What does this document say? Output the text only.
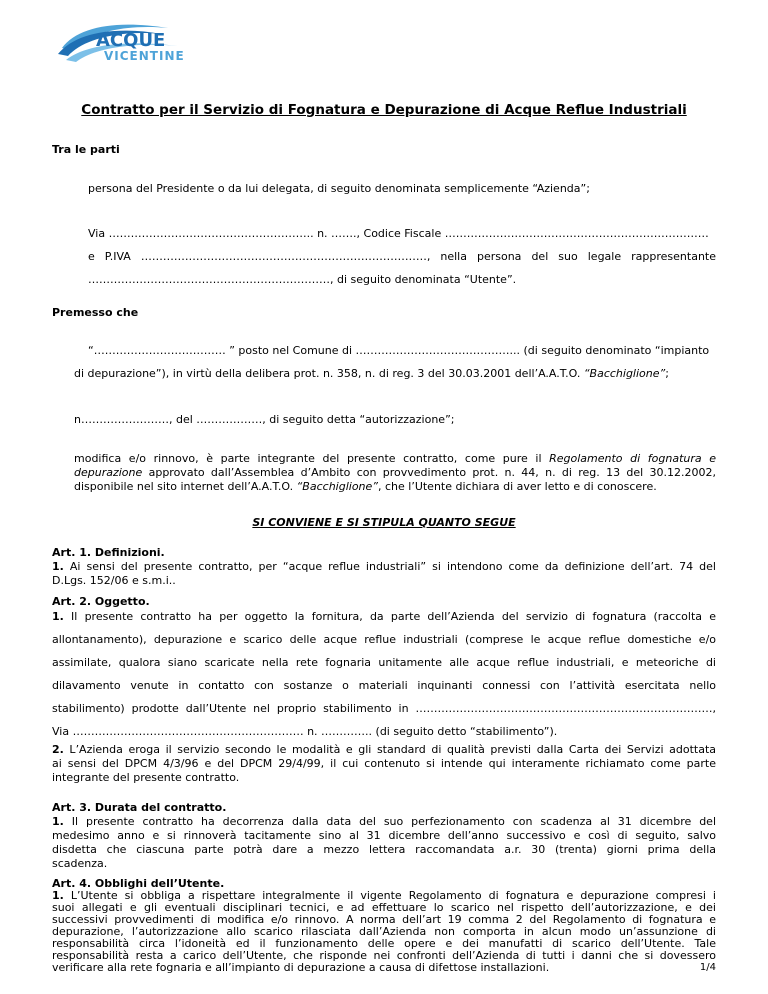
ACQUE
VICENTINE
Contratto per il Servizio di Fognatura e Depurazione di Acque Reflue Industriali
Tra le parti
persona del Presidente o da lui delegata, di seguito denominata semplicemente “Azienda”;
Via ……………………………………………….. n. ……., Codice Fiscale ………………………………………………………………
e P.IVA ……………………………………………………………………, nella persona del suo legale rappresentante
…………………………………………………………, di seguito denominata “Utente”.
Premesso che
“……………………………… ” posto nel Comune di ……………………………………... (di seguito denominato “impianto
di depurazione”), in virtù della delibera prot. n. 358, n. di reg. 3 del 30.03.2001 dell’A.A.T.O. “Bacchiglione”;
n……………………, del ………………, di seguito detta “autorizzazione”;
modifica e/o rinnovo, è parte integrante del presente contratto, come pure il Regolamento di fognatura e
depurazione approvato dall’Assemblea d’Ambito con provvedimento prot. n. 44, n. di reg. 13 del 30.12.2002,
disponibile nel sito internet dell’A.A.T.O. “Bacchiglione”, che l’Utente dichiara di aver letto e di conoscere.
SI CONVIENE E SI STIPULA QUANTO SEGUE
Art. 1. Definizioni.
1. Ai sensi del presente contratto, per “acque reflue industriali” si intendono come da definizione dell’art. 74 del
D.Lgs. 152/06 e s.m.i..
Art. 2. Oggetto.
1. Il presente contratto ha per oggetto la fornitura, da parte dell’Azienda del servizio di fognatura (raccolta e
allontanamento), depurazione e scarico delle acque reflue industriali (comprese le acque reflue domestiche e/o
assimilate, qualora siano scaricate nella rete fognaria unitamente alle acque reflue industriali, e meteoriche di
dilavamento venute in contatto con sostanze o materiali inquinanti connessi con l’attività esercitata nello
stabilimento) prodotte dall’Utente nel proprio stabilimento in ………………………………………………………………………,
Via ……………………………………………………… n. ………….. (di seguito detto “stabilimento”).
2. L’Azienda eroga il servizio secondo le modalità e gli standard di qualità previsti dalla Carta dei Servizi adottata
ai sensi del DPCM 4/3/96 e del DPCM 29/4/99, il cui contenuto si intende qui interamente richiamato come parte
integrante del presente contratto.
Art. 3. Durata del contratto.
1. Il presente contratto ha decorrenza dalla data del suo perfezionamento con scadenza al 31 dicembre del
medesimo anno e si rinnoverà tacitamente sino al 31 dicembre dell’anno successivo e così di seguito, salvo
disdetta che ciascuna parte potrà dare a mezzo lettera raccomandata a.r. 30 (trenta) giorni prima della
scadenza.
Art. 4. Obblighi dell’Utente.
1. L’Utente si obbliga a rispettare integralmente il vigente Regolamento di fognatura e depurazione compresi i
suoi allegati e gli eventuali disciplinari tecnici, e ad effettuare lo scarico nel rispetto dell’autorizzazione, e dei
successivi provvedimenti di modifica e/o rinnovo. A norma dell’art 19 comma 2 del Regolamento di fognatura e
depurazione, l’autorizzazione allo scarico rilasciata dall’Azienda non comporta in alcun modo un’assunzione di
responsabilità circa l’idoneità ed il funzionamento delle opere e dei manufatti di scarico dell’Utente. Tale
responsabilità resta a carico dell’Utente, che risponde nei confronti dell’Azienda di tutti i danni che si dovessero
verificare alla rete fognaria e all’impianto di depurazione a causa di difettose installazioni.	1/4
